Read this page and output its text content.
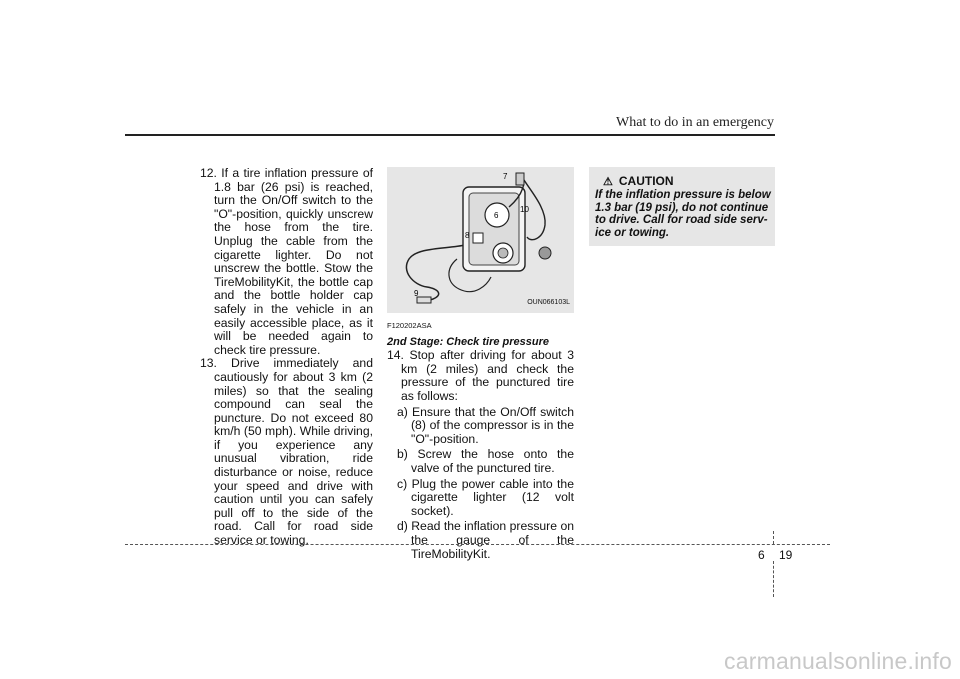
What to do in an emergency

12. If a tire inflation pressure of 1.8 bar (26 psi) is reached, turn the On/Off switch to the "O"-position, quickly unscrew the hose from the tire. Unplug the cable from the cigarette lighter. Do not unscrew the bottle. Stow the TireMobilityKit, the bottle cap and the bottle holder cap safely in the vehicle in an easily accessible place, as it will be needed again to check tire pressure.

13. Drive immediately and cautiously for about 3 km (2 miles) so that the sealing compound can seal the puncture. Do not exceed 80 km/h (50 mph). While driving, if you experience any unusual vibration, ride disturbance or noise, reduce your speed and drive with caution until you can safely pull off to the side of the road. Call for road side service or towing.

7
10
6
8
9
OUN066103L
F120202ASA
2nd Stage: Check tire pressure

14. Stop after driving for about 3 km (2 miles) and check the pressure of the punctured tire as follows:

a) Ensure that the On/Off switch (8) of the compressor is in the "O"-position.

b) Screw the hose onto the valve of the punctured tire.

c) Plug the power cable into the cigarette lighter (12 volt socket).

d) Read the inflation pressure on the gauge of the TireMobilityKit.

⚠ CAUTION
If the inflation pressure is below 1.3 bar (19 psi), do not continue to drive. Call for road side serv-ice or towing.
6 19
carmanualsonline.info
